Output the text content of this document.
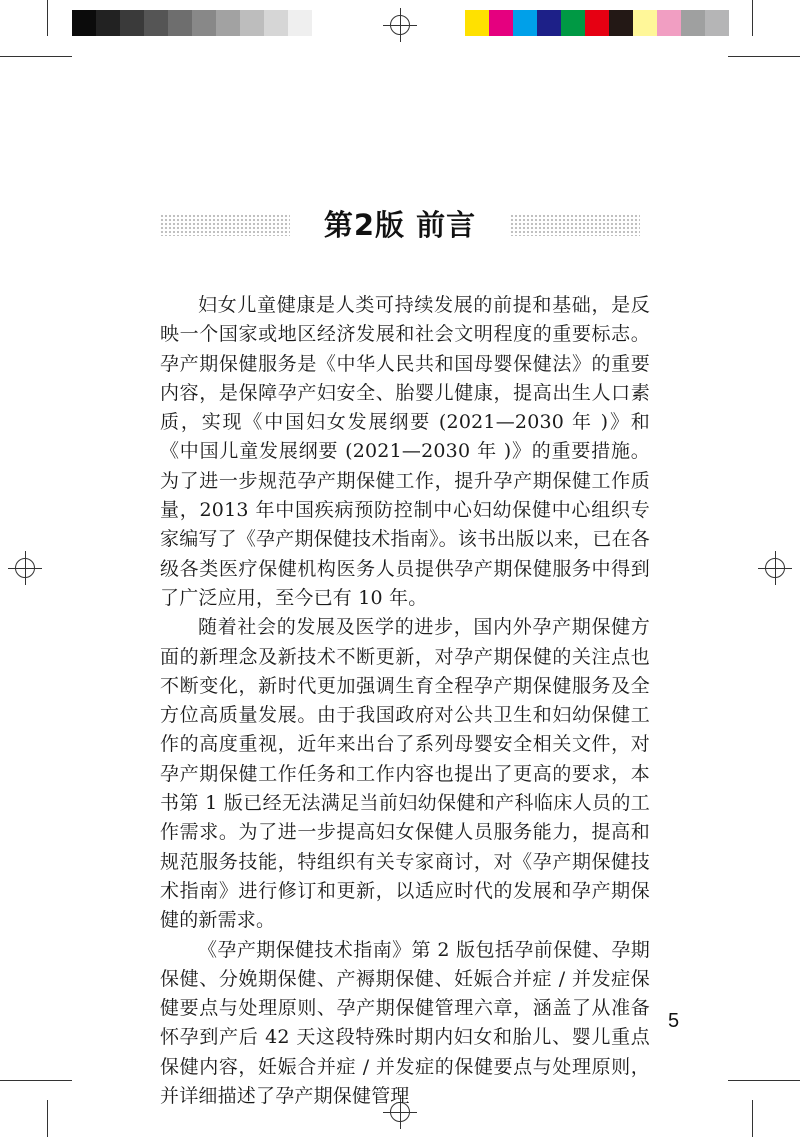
第2版 前言

妇女儿童健康是人类可持续发展的前提和基础，是反映一个国家或地区经济发展和社会文明程度的重要标志。孕产期保健服务是《中华人民共和国母婴保健法》的重要内容，是保障孕产妇安全、胎婴儿健康，提高出生人口素质，实现《中国妇女发展纲要 (2021—2030 年 )》和《中国儿童发展纲要 (2021—2030 年 )》的重要措施。为了进一步规范孕产期保健工作，提升孕产期保健工作质量，2013 年中国疾病预防控制中心妇幼保健中心组织专家编写了《孕产期保健技术指南》。该书出版以来，已在各级各类医疗保健机构医务人员提供孕产期保健服务中得到了广泛应用，至今已有 10 年。

随着社会的发展及医学的进步，国内外孕产期保健方面的新理念及新技术不断更新，对孕产期保健的关注点也不断变化，新时代更加强调生育全程孕产期保健服务及全方位高质量发展。由于我国政府对公共卫生和妇幼保健工作的高度重视，近年来出台了系列母婴安全相关文件，对孕产期保健工作任务和工作内容也提出了更高的要求，本书第 1 版已经无法满足当前妇幼保健和产科临床人员的工作需求。为了进一步提高妇女保健人员服务能力，提高和规范服务技能，特组织有关专家商讨，对《孕产期保健技术指南》进行修订和更新，以适应时代的发展和孕产期保健的新需求。

《孕产期保健技术指南》第 2 版包括孕前保健、孕期保健、分娩期保健、产褥期保健、妊娠合并症 / 并发症保健要点与处理原则、孕产期保健管理六章，涵盖了从准备怀孕到产后 42 天这段特殊时期内妇女和胎儿、婴儿重点保健内容，妊娠合并症 / 并发症的保健要点与处理原则，并详细描述了孕产期保健管理

5
